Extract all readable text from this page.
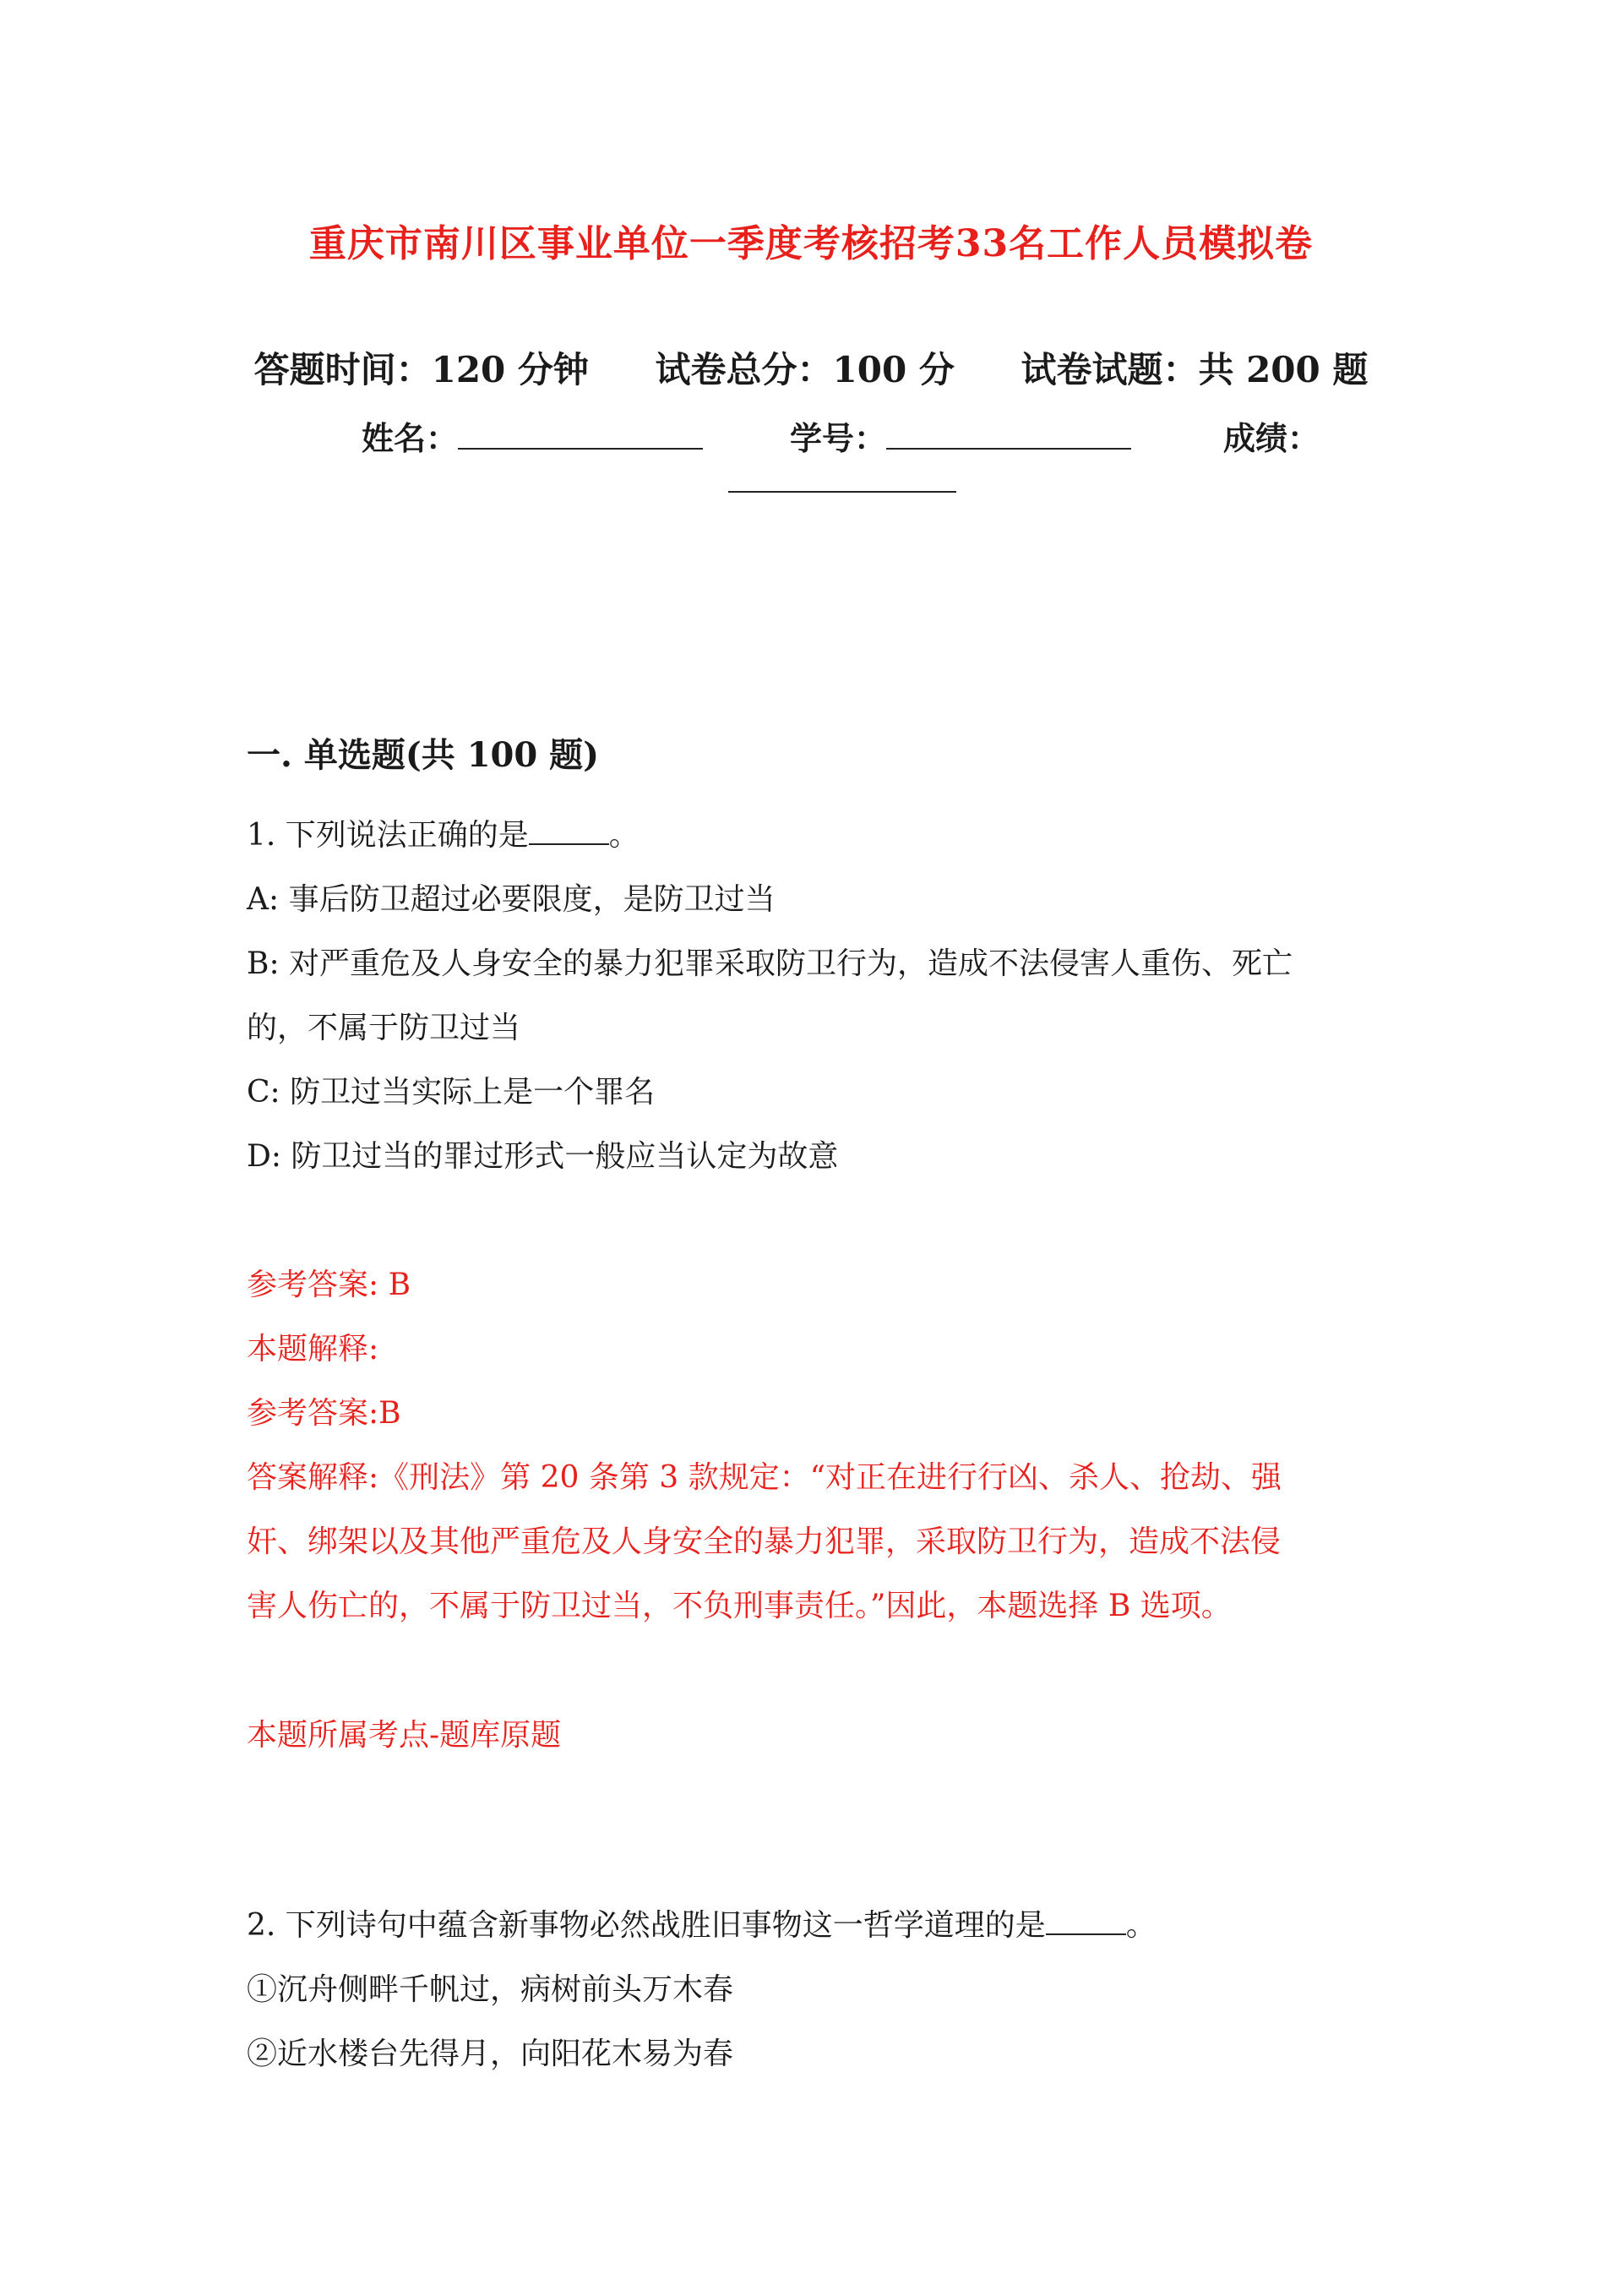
重庆市南川区事业单位一季度考核招考33名工作人员模拟卷
答题时间：120 分钟 试卷总分：100 分 试卷试题：共 200 题
姓名：	学号：	成绩：
一. 单选题(共 100 题)
1. 下列说法正确的是	。
A: 事后防卫超过必要限度，是防卫过当
B: 对严重危及人身安全的暴力犯罪采取防卫行为，造成不法侵害人重伤、死亡
的，不属于防卫过当
C: 防卫过当实际上是一个罪名
D: 防卫过当的罪过形式一般应当认定为故意
参考答案: B
本题解释:
参考答案:B
答案解释:《刑法》第 20 条第 3 款规定：“对正在进行行凶、杀人、抢劫、强
奸、绑架以及其他严重危及人身安全的暴力犯罪，采取防卫行为，造成不法侵
害人伤亡的，不属于防卫过当，不负刑事责任。”因此，本题选择 B 选项。
本题所属考点-题库原题
2. 下列诗句中蕴含新事物必然战胜旧事物这一哲学道理的是	。
①沉舟侧畔千帆过，病树前头万木春
②近水楼台先得月，向阳花木易为春
